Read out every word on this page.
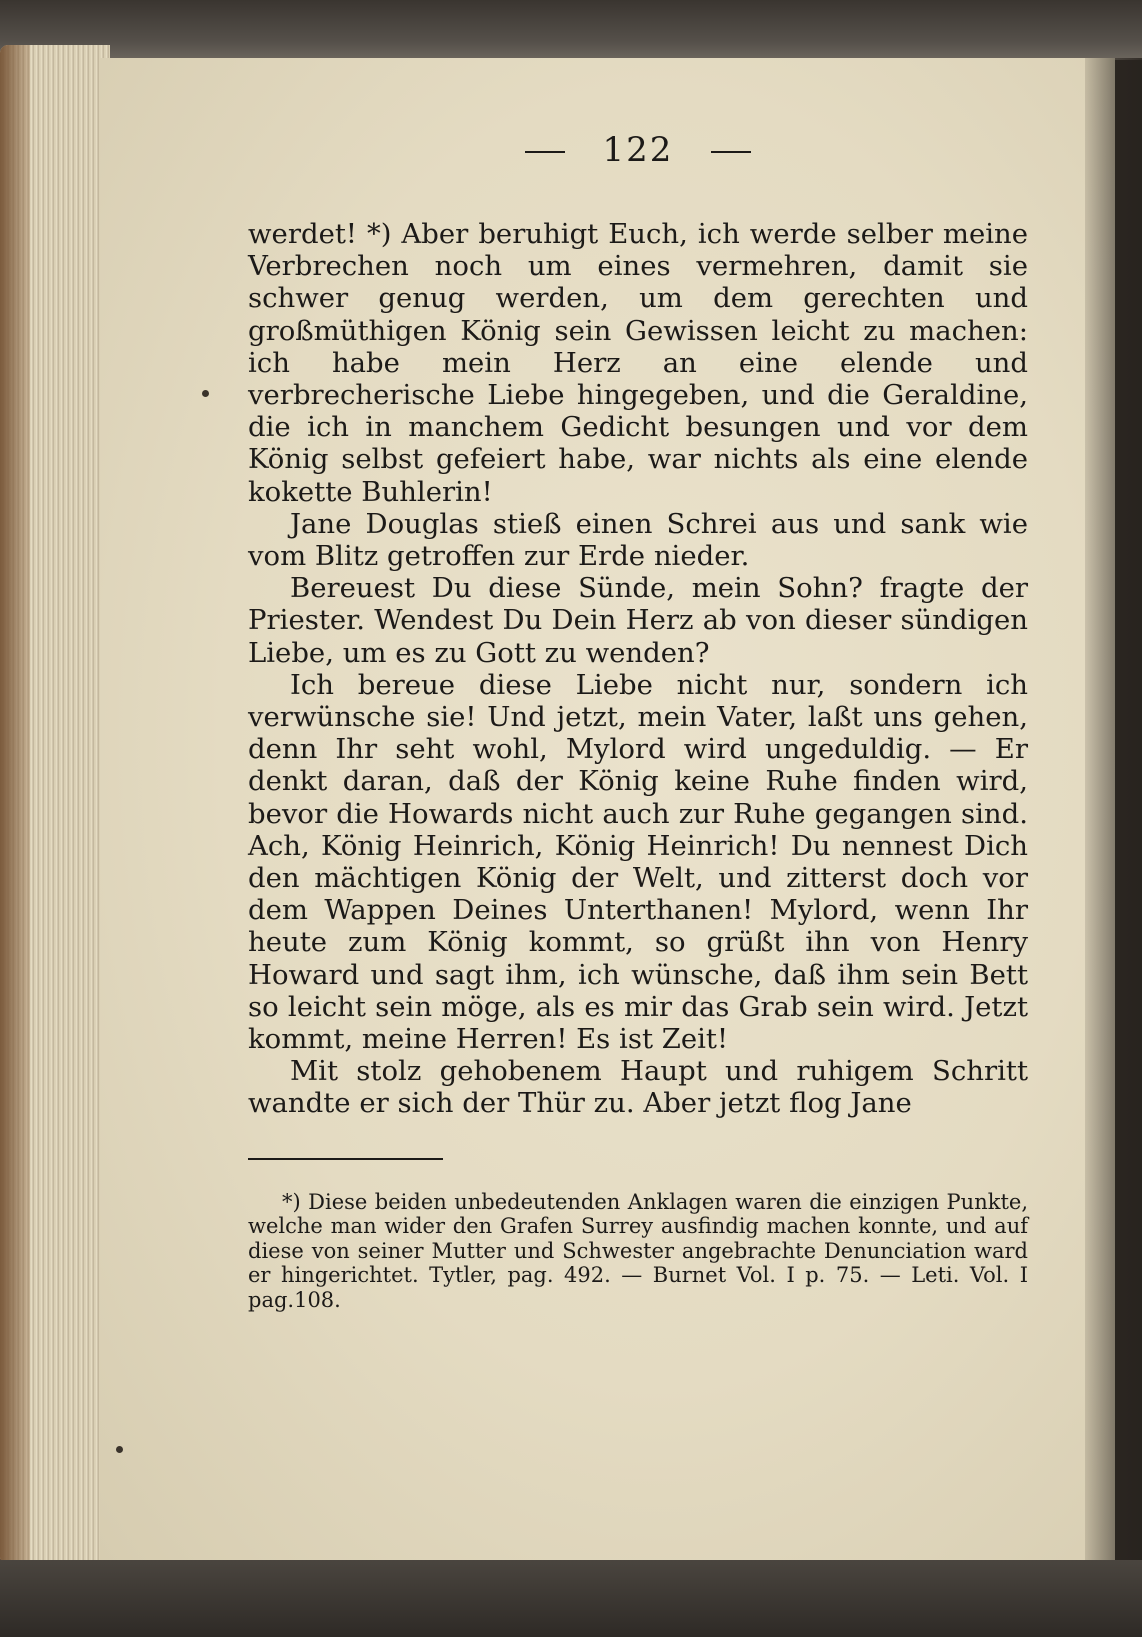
122

werdet! *) Aber beruhigt Euch, ich werde selber meine Verbrechen noch um eines vermehren, damit sie schwer genug werden, um dem gerechten und großmüthigen König sein Gewissen leicht zu machen: ich habe mein Herz an eine elende und verbrecherische Liebe hingegeben, und die Geraldine, die ich in manchem Gedicht besungen und vor dem König selbst gefeiert habe, war nichts als eine elende kokette Buhlerin!

Jane Douglas stieß einen Schrei aus und sank wie vom Blitz getroffen zur Erde nieder.

Bereuest Du diese Sünde, mein Sohn? fragte der Priester. Wendest Du Dein Herz ab von dieser sündigen Liebe, um es zu Gott zu wenden?

Ich bereue diese Liebe nicht nur, sondern ich verwünsche sie! Und jetzt, mein Vater, laßt uns gehen, denn Ihr seht wohl, Mylord wird ungeduldig. — Er denkt daran, daß der König keine Ruhe finden wird, bevor die Howards nicht auch zur Ruhe gegangen sind. Ach, König Heinrich, König Heinrich! Du nennest Dich den mächtigen König der Welt, und zitterst doch vor dem Wappen Deines Unterthanen! Mylord, wenn Ihr heute zum König kommt, so grüßt ihn von Henry Howard und sagt ihm, ich wünsche, daß ihm sein Bett so leicht sein möge, als es mir das Grab sein wird. Jetzt kommt, meine Herren! Es ist Zeit!

Mit stolz gehobenem Haupt und ruhigem Schritt wandte er sich der Thür zu. Aber jetzt flog Jane

*) Diese beiden unbedeutenden Anklagen waren die einzigen Punkte, welche man wider den Grafen Surrey ausfindig machen konnte, und auf diese von seiner Mutter und Schwester angebrachte Denunciation ward er hingerichtet. Tytler, pag. 492. — Burnet Vol. I p. 75. — Leti. Vol. I pag.108.
